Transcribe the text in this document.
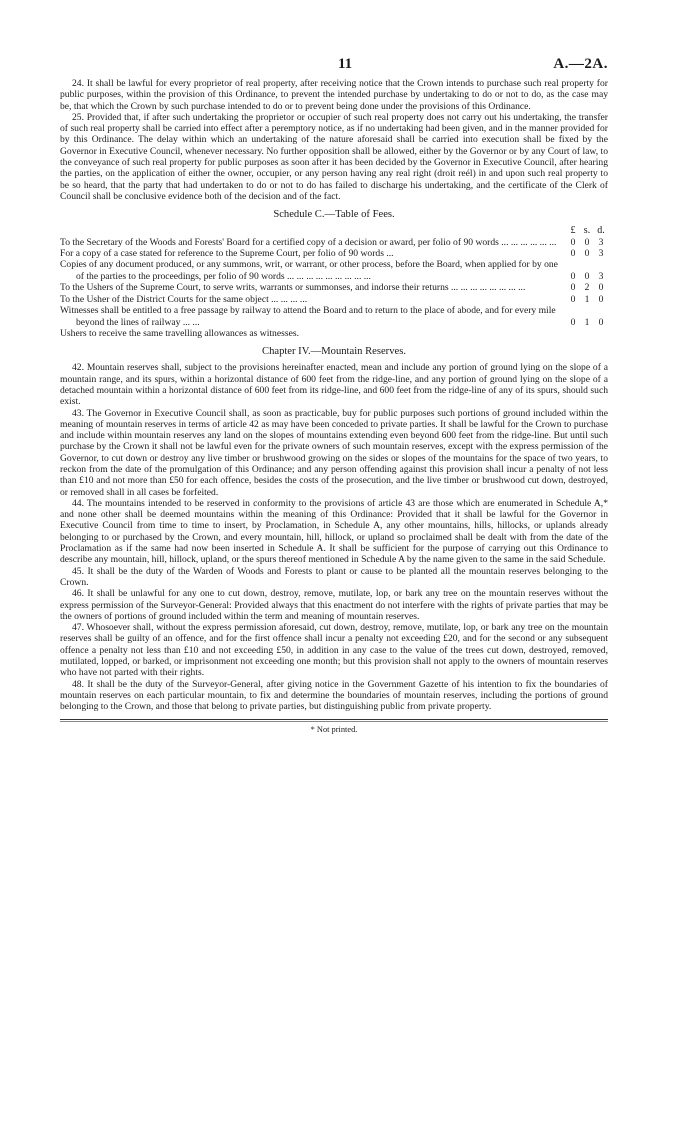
11	A.—2A.

24. It shall be lawful for every proprietor of real property, after receiving notice that the Crown intends to purchase such real property for public purposes, within the provision of this Ordinance, to prevent the intended purchase by undertaking to do or not to do, as the case may be, that which the Crown by such purchase intended to do or to prevent being done under the provisions of this Ordinance.

25. Provided that, if after such undertaking the proprietor or occupier of such real property does not carry out his undertaking, the transfer of such real property shall be carried into effect after a peremptory notice, as if no undertaking had been given, and in the manner provided for by this Ordinance. The delay within which an undertaking of the nature aforesaid shall be carried into execution shall be fixed by the Governor in Executive Council, whenever necessary. No further opposition shall be allowed, either by the Governor or by any Court of law, to the conveyance of such real property for public purposes as soon after it has been decided by the Governor in Executive Council, after hearing the parties, on the application of either the owner, occupier, or any person having any real right (droit reél) in and upon such real property to be so heard, that the party that had undertaken to do or not to do has failed to discharge his undertaking, and the certificate of the Clerk of Council shall be conclusive evidence both of the decision and of the fact.

Schedule C.—Table of Fees.
	£	s.	d.
To the Secretary of the Woods and Forests' Board for a certified copy of a decision or award, per folio of 90 words ... ... ... ... ... ...	0	0	3
For a copy of a case stated for reference to the Supreme Court, per folio of 90 words ...	0	0	3
Copies of any document produced, or any summons, writ, or warrant, or other process, before the Board, when applied for by one of the parties to the proceedings, per folio of 90 words ... ... ... ... ... ... ... ... ...	0	0	3
To the Ushers of the Supreme Court, to serve writs, warrants or summonses, and indorse their returns ... ... ... ... ... ... ... ...	0	2	0
To the Usher of the District Courts for the same object ... ... ... ...	0	1	0
Witnesses shall be entitled to a free passage by railway to attend the Board and to return to the place of abode, and for every mile beyond the lines of railway ... ...	0	1	0
Ushers to receive the same travelling allowances as witnesses.			
Chapter IV.—Mountain Reserves.

42. Mountain reserves shall, subject to the provisions hereinafter enacted, mean and include any portion of ground lying on the slope of a mountain range, and its spurs, within a horizontal distance of 600 feet from the ridge-line, and any portion of ground lying on the slope of a detached mountain within a horizontal distance of 600 feet from its ridge-line, and 600 feet from the ridge-line of any of its spurs, should such exist.

43. The Governor in Executive Council shall, as soon as practicable, buy for public purposes such portions of ground included within the meaning of mountain reserves in terms of article 42 as may have been conceded to private parties. It shall be lawful for the Crown to purchase and include within mountain reserves any land on the slopes of mountains extending even beyond 600 feet from the ridge-line. But until such purchase by the Crown it shall not be lawful even for the private owners of such mountain reserves, except with the express permission of the Governor, to cut down or destroy any live timber or brushwood growing on the sides or slopes of the mountains for the space of two years, to reckon from the date of the promulgation of this Ordinance; and any person offending against this provision shall incur a penalty of not less than £10 and not more than £50 for each offence, besides the costs of the prosecution, and the live timber or brushwood cut down, destroyed, or removed shall in all cases be forfeited.

44. The mountains intended to be reserved in conformity to the provisions of article 43 are those which are enumerated in Schedule A,* and none other shall be deemed mountains within the meaning of this Ordinance: Provided that it shall be lawful for the Governor in Executive Council from time to time to insert, by Proclamation, in Schedule A, any other mountains, hills, hillocks, or uplands already belonging to or purchased by the Crown, and every mountain, hill, hillock, or upland so proclaimed shall be dealt with from the date of the Proclamation as if the same had now been inserted in Schedule A. It shall be sufficient for the purpose of carrying out this Ordinance to describe any mountain, hill, hillock, upland, or the spurs thereof mentioned in Schedule A by the name given to the same in the said Schedule.

45. It shall be the duty of the Warden of Woods and Forests to plant or cause to be planted all the mountain reserves belonging to the Crown.

46. It shall be unlawful for any one to cut down, destroy, remove, mutilate, lop, or bark any tree on the mountain reserves without the express permission of the Surveyor-General: Provided always that this enactment do not interfere with the rights of private parties that may be the owners of portions of ground included within the term and meaning of mountain reserves.

47. Whosoever shall, without the express permission aforesaid, cut down, destroy, remove, mutilate, lop, or bark any tree on the mountain reserves shall be guilty of an offence, and for the first offence shall incur a penalty not exceeding £20, and for the second or any subsequent offence a penalty not less than £10 and not exceeding £50, in addition in any case to the value of the trees cut down, destroyed, removed, mutilated, lopped, or barked, or imprisonment not exceeding one month; but this provision shall not apply to the owners of mountain reserves who have not parted with their rights.

48. It shall be the duty of the Surveyor-General, after giving notice in the Government Gazette of his intention to fix the boundaries of mountain reserves on each particular mountain, to fix and determine the boundaries of mountain reserves, including the portions of ground belonging to the Crown, and those that belong to private parties, but distinguishing public from private property.

* Not printed.
